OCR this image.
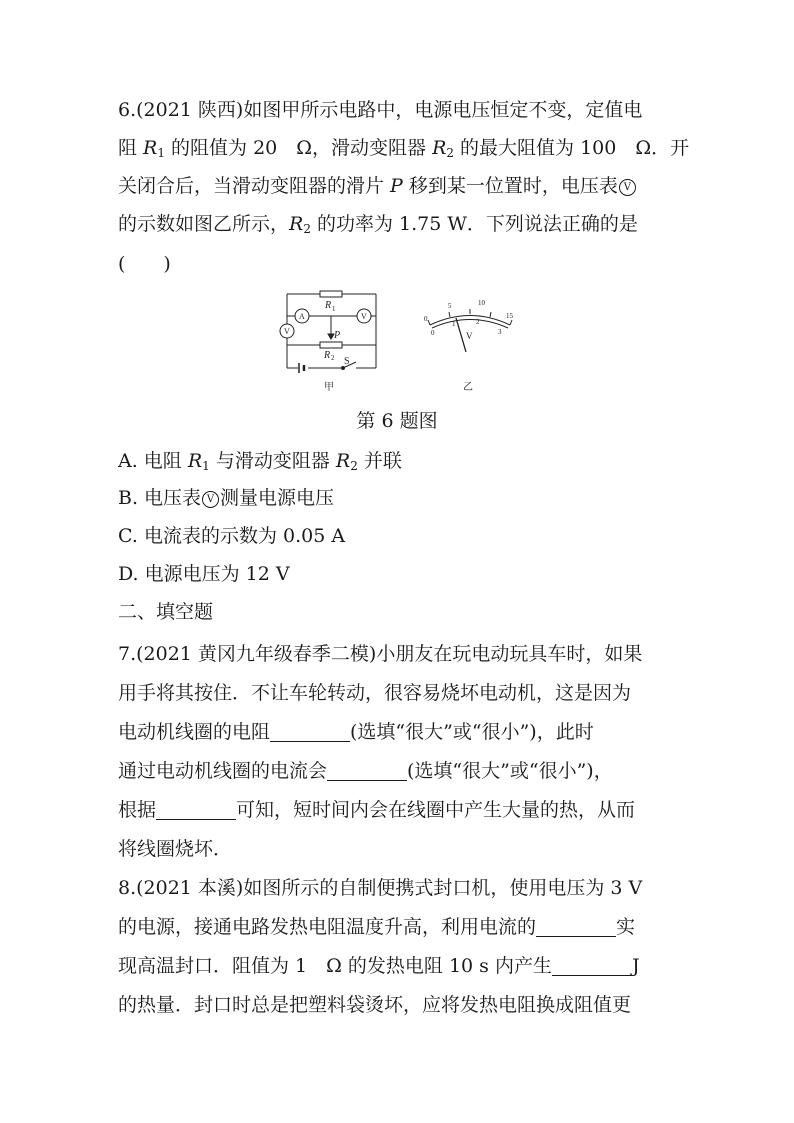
6.(2021 陕西)如图甲所示电路中，电源电压恒定不变，定值电
阻 $R_1$ 的阻值为 20　Ω，滑动变阻器 $R_2$ 的最大阻值为 100　Ω．开
关闭合后，当滑动变阻器的滑片 P 移到某一位置时，电压表 V
的示数如图乙所示，$R_2$ 的功率为 1.75 W．下列说法正确的是
(　　)
R 1
R 2
P
S
A	V
V
甲
0
5	10
15
0
1	2
3
V
乙
第 6 题图
A. 电阻 $R_1$ 与滑动变阻器 $R_2$ 并联
B. 电压表 V 测量电源电压
C. 电流表的示数为 0.05 A
D. 电源电压为 12 V
二、填空题
7.(2021 黄冈九年级春季二模)小朋友在玩电动玩具车时，如果
用手将其按住．不让车轮转动，很容易烧坏电动机，这是因为
电动机线圈的电阻	(选填“很大”或“很小”)，此时
通过电动机线圈的电流会	(选填“很大”或“很小”)，
根据	可知，短时间内会在线圈中产生大量的热，从而
将线圈烧坏．
8.(2021 本溪)如图所示的自制便携式封口机，使用电压为 3 V
的电源，接通电路发热电阻温度升高，利用电流的	实
现高温封口．阻值为 1　Ω 的发热电阻 10 s 内产生	J
的热量．封口时总是把塑料袋烫坏，应将发热电阻换成阻值更
